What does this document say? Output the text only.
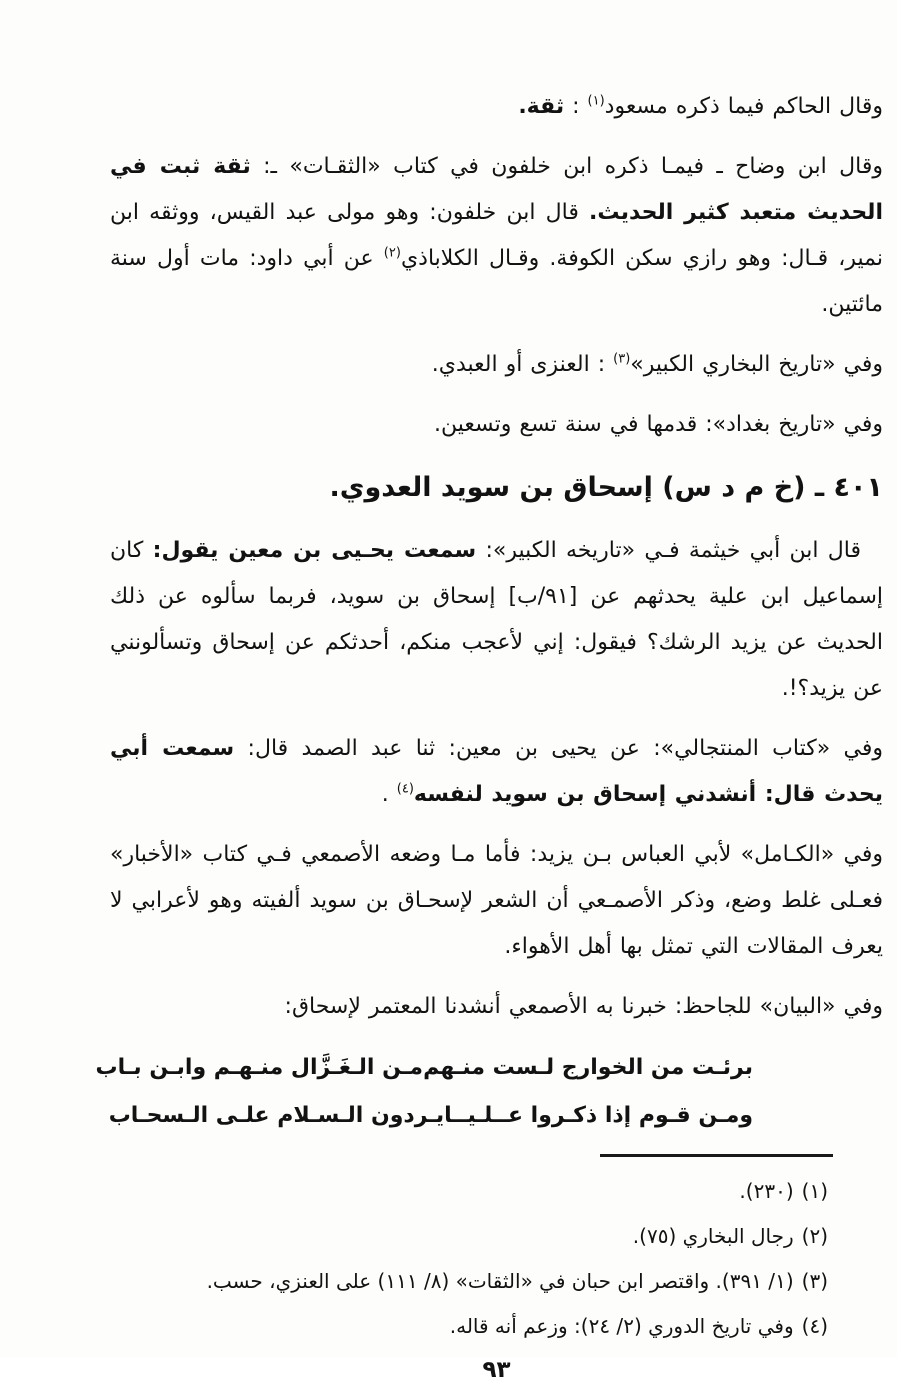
وقال الحاكم فيما ذكره مسعود$^{(١)}$ : ثقة.

وقال ابن وضاح ـ فيمـا ذكره ابن خلفون في كتاب «الثقـات» ـ: ثقة ثبت في الحديث متعبد كثير الحديث. قال ابن خلفون: وهو مولى عبد القيس، ووثقه ابن نمير، قـال: وهو رازي سكن الكوفة. وقـال الكلاباذي$^{(٢)}$ عن أبي داود: مات أول سنة مائتين.

وفي «تاريخ البخاري الكبير»$^{(٣)}$ : العنزى أو العبدي.

وفي «تاريخ بغداد»: قدمها في سنة تسع وتسعين.

٤٠١ ـ (خ م د س) إسحاق بن سويد العدوي.

قال ابن أبي خيثمة فـي «تاريخه الكبير»: سمعت يحـيى بن معين يقول: كان إسماعيل ابن علية يحدثهم عن [٩١/ب] إسحاق بن سويد، فربما سألوه عن ذلك الحديث عن يزيد الرشك؟ فيقول: إني لأعجب منكم، أحدثكم عن إسحاق وتسألونني عن يزيد؟!.

وفي «كتاب المنتجالي»: عن يحيى بن معين: ثنا عبد الصمد قال: سمعت أبي يحدث قال: أنشدني إسحاق بن سويد لنفسه$^{(٤)}$ .

وفي «الكـامل» لأبي العباس بـن يزيد: فأما مـا وضعه الأصمعي فـي كتاب «الأخبار» فعـلى غلط وضع، وذكر الأصمـعي أن الشعر لإسحـاق بن سويد ألفيته وهو لأعرابي لا يعرف المقالات التي تمثل بها أهل الأهواء.

وفي «البيان» للجاحظ: خبرنا به الأصمعي أنشدنا المعتمر لإسحاق:

برئـت من الخوارج لـست منـهم
مـن الـغَـزَّال منـهـم وابـن بـاب
ومـن قـوم إذا ذكـروا عــلـيــا
يـردون الـسـلام علـى الـسحـاب

(١)(٢٣٠).

(٢)رجال البخاري (٧٥).

(٣)(١/ ٣٩١). واقتصر ابن حبان في «الثقات» (٨/ ١١١) على العنزي، حسب.

(٤)وفي تاريخ الدوري (٢/ ٢٤): وزعم أنه قاله.

٩٣
